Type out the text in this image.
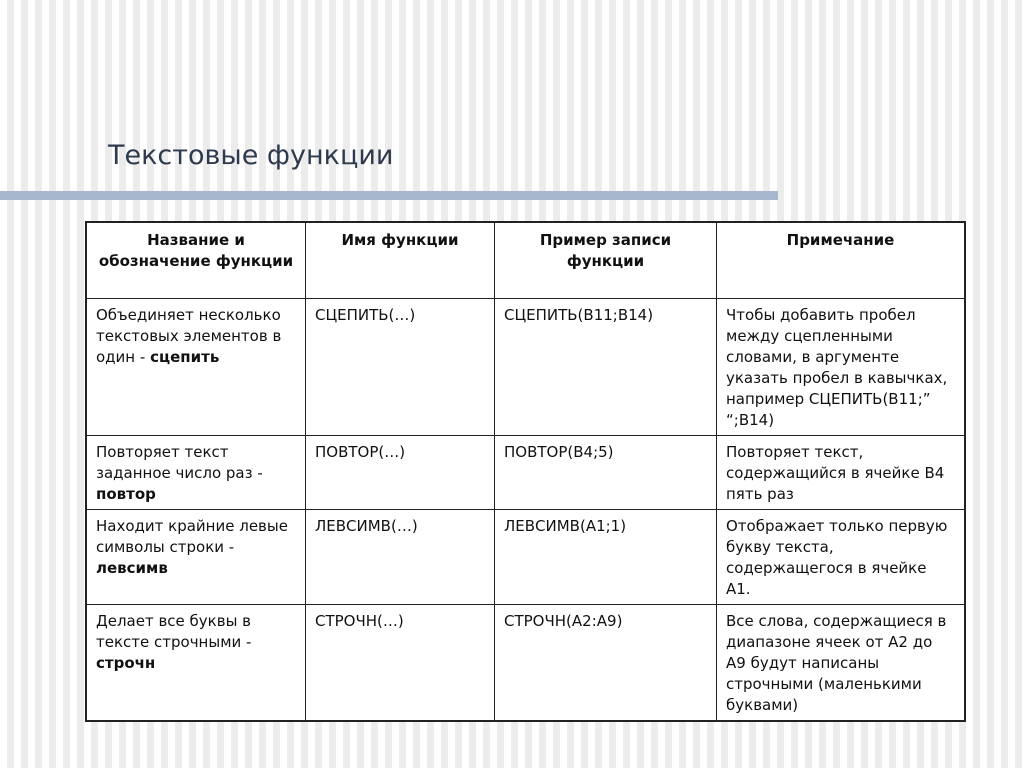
Текстовые функции
Название и обозначение функции	Имя функции	Пример записи функции	Примечание
Объединяет несколько текстовых элементов в один - сцепить	СЦЕПИТЬ(…)	СЦЕПИТЬ(B11;B14)	Чтобы добавить пробел между сцепленными словами, в аргументе указать пробел в кавычках, например СЦЕПИТЬ(B11;” “;B14)
Повторяет текст заданное число раз - повтор	ПОВТОР(…)	ПОВТОР(B4;5)	Повторяет текст, содержащийся в ячейке B4 пять раз
Находит крайние левые символы строки - левсимв	ЛЕВСИМВ(…)	ЛЕВСИМВ(А1;1)	Отображает только первую букву текста, содержащегося в ячейке А1.
Делает все буквы в тексте строчными - строчн	СТРОЧН(…)	СТРОЧН(А2:А9)	Все слова, содержащиеся в диапазоне ячеек от А2 до А9 будут написаны строчными (маленькими буквами)
